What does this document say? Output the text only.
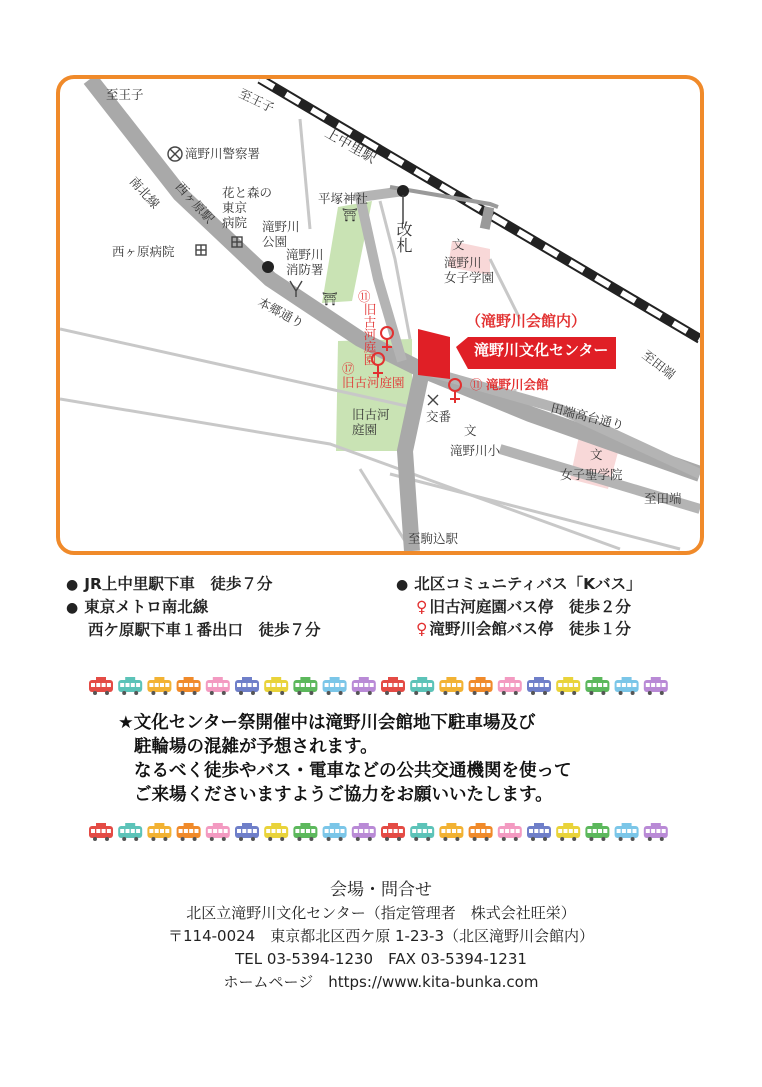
至王子	至王子
上中里駅
滝野川警察署
南北線 西ヶ原駅 花と森の
東京
病院
平塚神社
⛩
⛩
滝野川
公園
滝野川
消防署
西ヶ原病院	改札	文
滝野川
女子学園
本郷通り	⑪
旧古河庭園
⑰
旧古河庭園
旧古河
庭園
（滝野川会館内）
滝野川文化センター
⑪ 滝野川会館
田端高台通り
交番
文
滝野川小	文
女子聖学院
至田端
至田端
至駒込駅
● JR上中里駅下車　徒歩７分
● 東京メトロ南北線
西ケ原駅下車１番出口　徒歩７分
● 北区コミュニティバス「Kバス」
♀ 旧古河庭園バス停　徒歩２分
♀ 滝野川会館バス停　徒歩１分
★文化センター祭開催中は滝野川会館地下駐車場及び
駐輪場の混雑が予想されます。
なるべく徒歩やバス・電車などの公共交通機関を使って
ご来場くださいますようご協力をお願いいたします。
会場・問合せ
北区立滝野川文化センター（指定管理者　株式会社旺栄）
〒114-0024　東京都北区西ケ原 1-23-3（北区滝野川会館内）
TEL 03-5394-1230　FAX 03-5394-1231
ホームページ　https://www.kita-bunka.com
